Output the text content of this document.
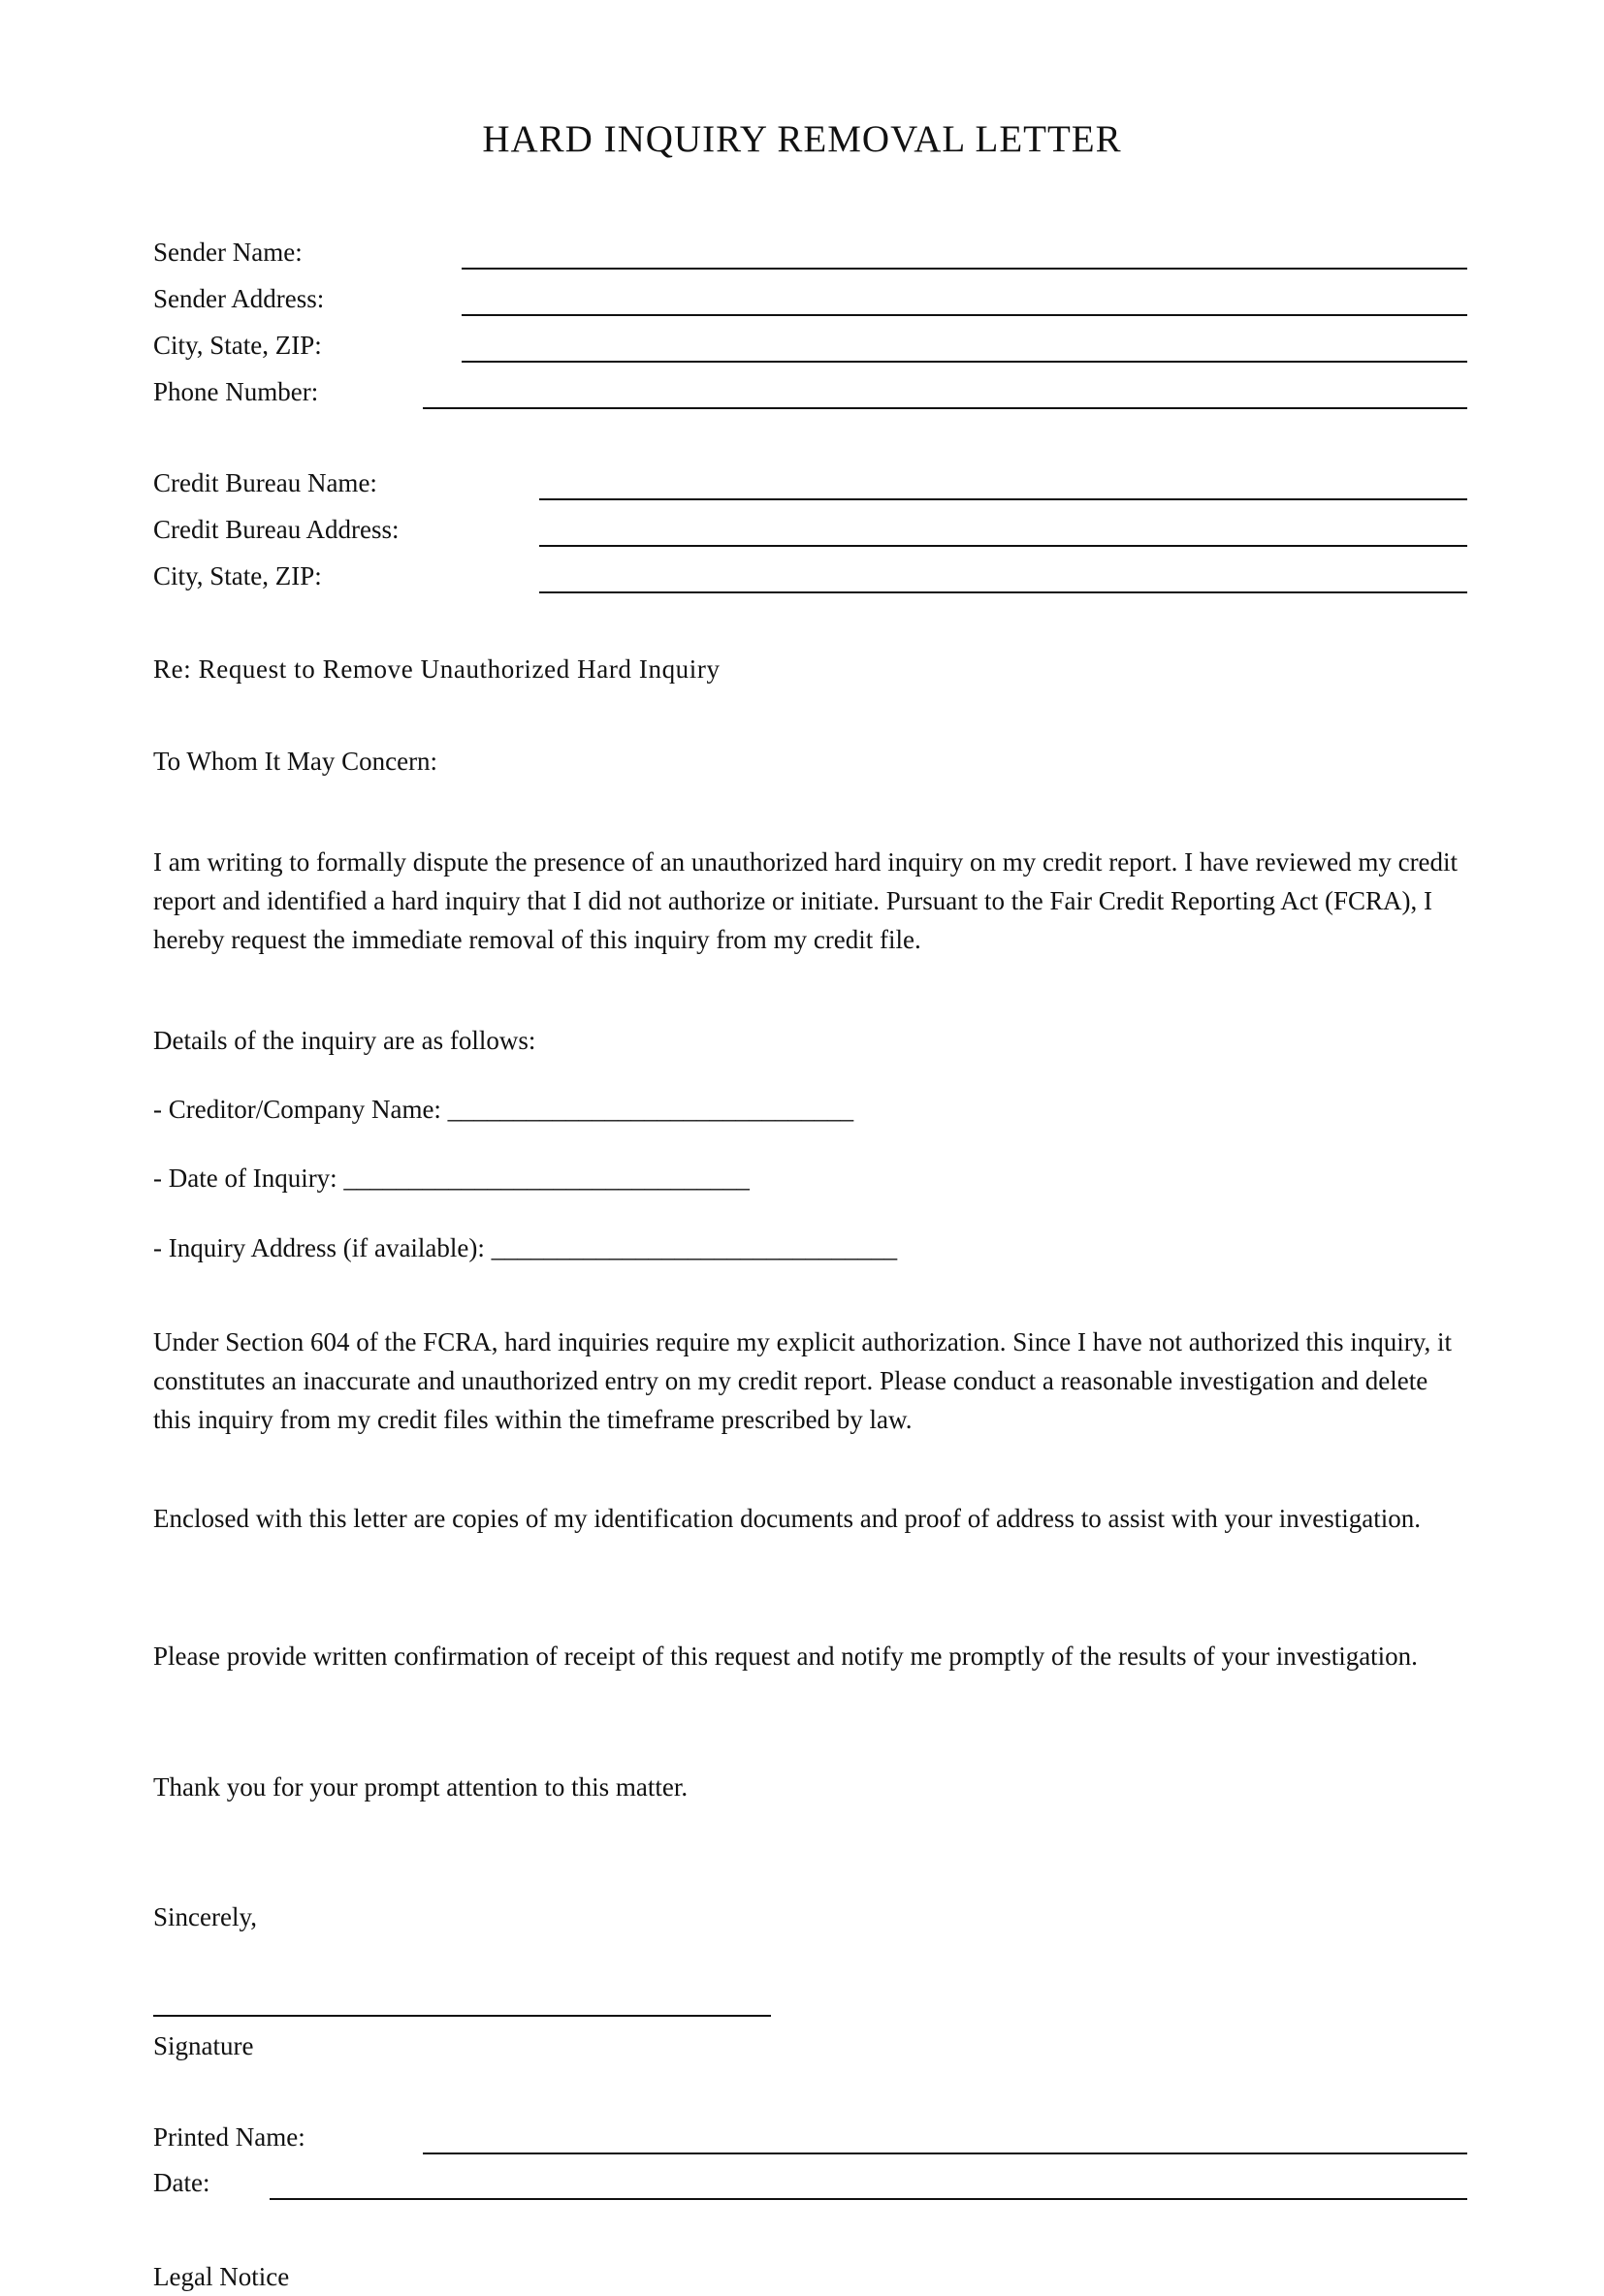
HARD INQUIRY REMOVAL LETTER
Sender Name:
Sender Address:
City, State, ZIP:
Phone Number:
Credit Bureau Name:
Credit Bureau Address:
City, State, ZIP:
Re: Request to Remove Unauthorized Hard Inquiry
To Whom It May Concern:
I am writing to formally dispute the presence of an unauthorized hard inquiry on my credit report. I have reviewed my credit report and identified a hard inquiry that I did not authorize or initiate. Pursuant to the Fair Credit Reporting Act (FCRA), I hereby request the immediate removal of this inquiry from my credit file.
Details of the inquiry are as follows:
- Creditor/Company Name: _______________________________
- Date of Inquiry: _______________________________
- Inquiry Address (if available): _______________________________
Under Section 604 of the FCRA, hard inquiries require my explicit authorization. Since I have not authorized this inquiry, it constitutes an inaccurate and unauthorized entry on my credit report. Please conduct a reasonable investigation and delete this inquiry from my credit files within the timeframe prescribed by law.
Enclosed with this letter are copies of my identification documents and proof of address to assist with your investigation.
Please provide written confirmation of receipt of this request and notify me promptly of the results of your investigation.
Thank you for your prompt attention to this matter.
Sincerely,
Signature
Printed Name:
Date:
Legal Notice
